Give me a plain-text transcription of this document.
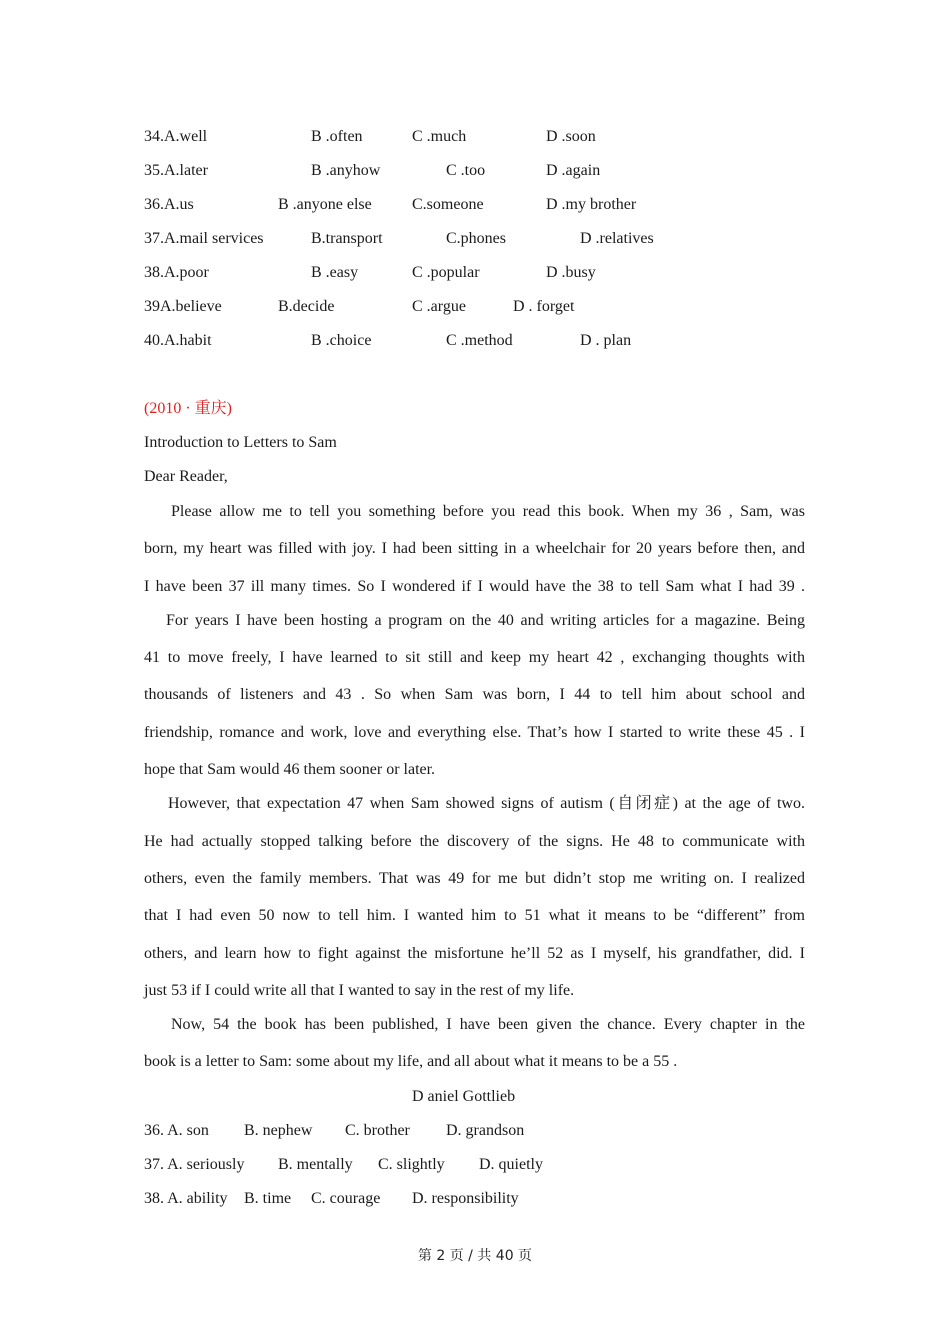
34.A.well	B .often	C .much	D .soon
35.A.later	B .anyhow	C .too	D .again
36.A.us	B .anyone else	C.someone	D .my brother
37.A.mail services	B.transport	C.phones	D .relatives
38.A.poor	B .easy	C .popular	D .busy
39A.believe	B.decide	C .argue	D . forget
40.A.habit	B .choice	C .method	D . plan
(2010 · 重庆)
Introduction to Letters to Sam
Dear Reader,
Please allow me to tell you something before you read this book. When my 36 , Sam, was
born, my heart was filled with joy. I had been sitting in a wheelchair for 20 years before then, and
I have been 37 ill many times. So I wondered if I would have the 38 to tell Sam what I had 39 .
For years I have been hosting a program on the 40 and writing articles for a magazine. Being
41 to move freely, I have learned to sit still and keep my heart 42 , exchanging thoughts with
thousands of listeners and 43 . So when Sam was born, I 44 to tell him about school and
friendship, romance and work, love and everything else. That’s how I started to write these 45 . I
hope that Sam would 46 them sooner or later.
However, that expectation 47 when Sam showed signs of autism (自闭症) at the age of two.
He had actually stopped talking before the discovery of the signs. He 48 to communicate with
others, even the family members. That was 49 for me but didn’t stop me writing on. I realized
that I had even 50 now to tell him. I wanted him to 51 what it means to be “different” from
others, and learn how to fight against the misfortune he’ll 52 as I myself, his grandfather, did. I
just 53 if I could write all that I wanted to say in the rest of my life.
Now, 54 the book has been published, I have been given the chance. Every chapter in the
book is a letter to Sam: some about my life, and all about what it means to be a 55 .
D aniel Gottlieb
36. A. son B. nephew C. brother D. grandson
37. A. seriously B. mentally C. slightly D. quietly
38. A. ability B. time C. courage D. responsibility
第 2 页 / 共 40 页
